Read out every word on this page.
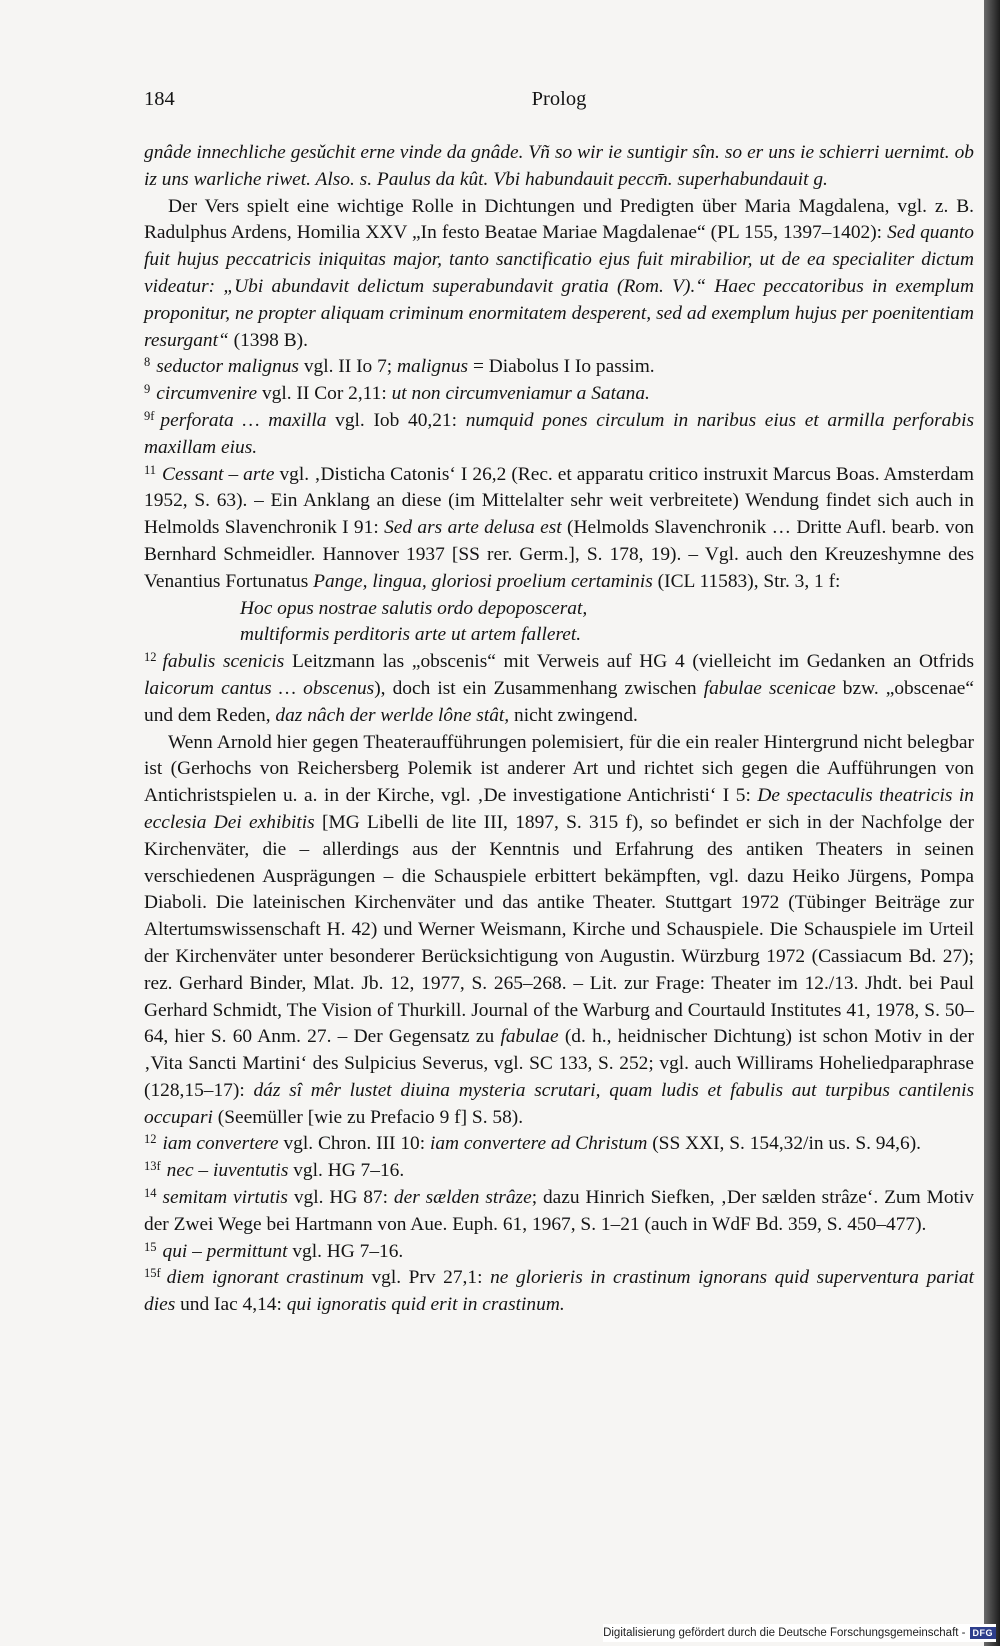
184	Prolog

gnâde innechliche gesǔchit erne vinde da gnâde. Vñ so wir ie suntigir sîn. so er uns ie schierri uernimt. ob iz uns warliche riwet. Also. s. Paulus da kût. Vbi habundauit peccm̄. superhabundauit g.

Der Vers spielt eine wichtige Rolle in Dichtungen und Predigten über Maria Magdalena, vgl. z. B. Radulphus Ardens, Homilia XXV „In festo Beatae Mariae Magdalenae“ (PL 155, 1397–1402): Sed quanto fuit hujus peccatricis iniquitas major, tanto sanctificatio ejus fuit mirabilior, ut de ea specialiter dictum videatur: „Ubi abundavit delictum superabundavit gratia (Rom. V).“ Haec peccatoribus in exemplum proponitur, ne propter aliquam criminum enormitatem desperent, sed ad exemplum hujus per poenitentiam resurgant“ (1398 B).

$^8$ seductor malignus vgl. II Io 7; malignus = Diabolus I Io passim.

$^9$ circumvenire vgl. II Cor 2,11: ut non circumveniamur a Satana.

$^{9f}$ perforata … maxilla vgl. Iob 40,21: numquid pones circulum in naribus eius et armilla perforabis maxillam eius.

$^{11}$ Cessant – arte vgl. ‚Disticha Catonis‘ I 26,2 (Rec. et apparatu critico instruxit Marcus Boas. Amsterdam 1952, S. 63). – Ein Anklang an diese (im Mittelalter sehr weit verbreitete) Wendung findet sich auch in Helmolds Slavenchronik I 91: Sed ars arte delusa est (Helmolds Slavenchronik … Dritte Aufl. bearb. von Bernhard Schmeidler. Hannover 1937 [SS rer. Germ.], S. 178, 19). – Vgl. auch den Kreuzeshymne des Venantius Fortunatus Pange, lingua, gloriosi proelium certaminis (ICL 11583), Str. 3, 1 f:

Hoc opus nostrae salutis ordo depoposcerat,

multiformis perditoris arte ut artem falleret.

$^{12}$ fabulis scenicis Leitzmann las „obscenis“ mit Verweis auf HG 4 (vielleicht im Gedanken an Otfrids laicorum cantus … obscenus), doch ist ein Zusammenhang zwischen fabulae scenicae bzw. „obscenae“ und dem Reden, daz nâch der werlde lône stât, nicht zwingend.

Wenn Arnold hier gegen Theateraufführungen polemisiert, für die ein realer Hintergrund nicht belegbar ist (Gerhochs von Reichersberg Polemik ist anderer Art und richtet sich gegen die Aufführungen von Antichristspielen u. a. in der Kirche, vgl. ‚De investigatione Antichristi‘ I 5: De spectaculis theatricis in ecclesia Dei exhibitis [MG Libelli de lite III, 1897, S. 315 f), so befindet er sich in der Nachfolge der Kirchenväter, die – allerdings aus der Kenntnis und Erfahrung des antiken Theaters in seinen verschiedenen Ausprägungen – die Schauspiele erbittert bekämpften, vgl. dazu Heiko Jürgens, Pompa Diaboli. Die lateinischen Kirchenväter und das antike Theater. Stuttgart 1972 (Tübinger Beiträge zur Altertumswissenschaft H. 42) und Werner Weismann, Kirche und Schauspiele. Die Schauspiele im Urteil der Kirchenväter unter besonderer Berücksichtigung von Augustin. Würzburg 1972 (Cassiacum Bd. 27); rez. Gerhard Binder, Mlat. Jb. 12, 1977, S. 265–268. – Lit. zur Frage: Theater im 12./13. Jhdt. bei Paul Gerhard Schmidt, The Vision of Thurkill. Journal of the Warburg and Courtauld Institutes 41, 1978, S. 50–64, hier S. 60 Anm. 27. – Der Gegensatz zu fabulae (d. h., heidnischer Dichtung) ist schon Motiv in der ‚Vita Sancti Martini‘ des Sulpicius Severus, vgl. SC 133, S. 252; vgl. auch Willirams Hoheliedparaphrase (128,15–17): dáz sî mêr lustet diuina mysteria scrutari, quam ludis et fabulis aut turpibus cantilenis occupari (Seemüller [wie zu Prefacio 9 f] S. 58).

$^{12}$ iam convertere vgl. Chron. III 10: iam convertere ad Christum (SS XXI, S. 154,32/in us. S. 94,6).

$^{13f}$ nec – iuventutis vgl. HG 7–16.

$^{14}$ semitam virtutis vgl. HG 87: der sælden strâze; dazu Hinrich Siefken, ‚Der sælden strâze‘. Zum Motiv der Zwei Wege bei Hartmann von Aue. Euph. 61, 1967, S. 1–21 (auch in WdF Bd. 359, S. 450–477).

$^{15}$ qui – permittunt vgl. HG 7–16.

$^{15f}$ diem ignorant crastinum vgl. Prv 27,1: ne glorieris in crastinum ignorans quid superventura pariat dies und Iac 4,14: qui ignoratis quid erit in crastinum.

Digitalisierung gefördert durch die Deutsche Forschungsgemeinschaft - DFG
